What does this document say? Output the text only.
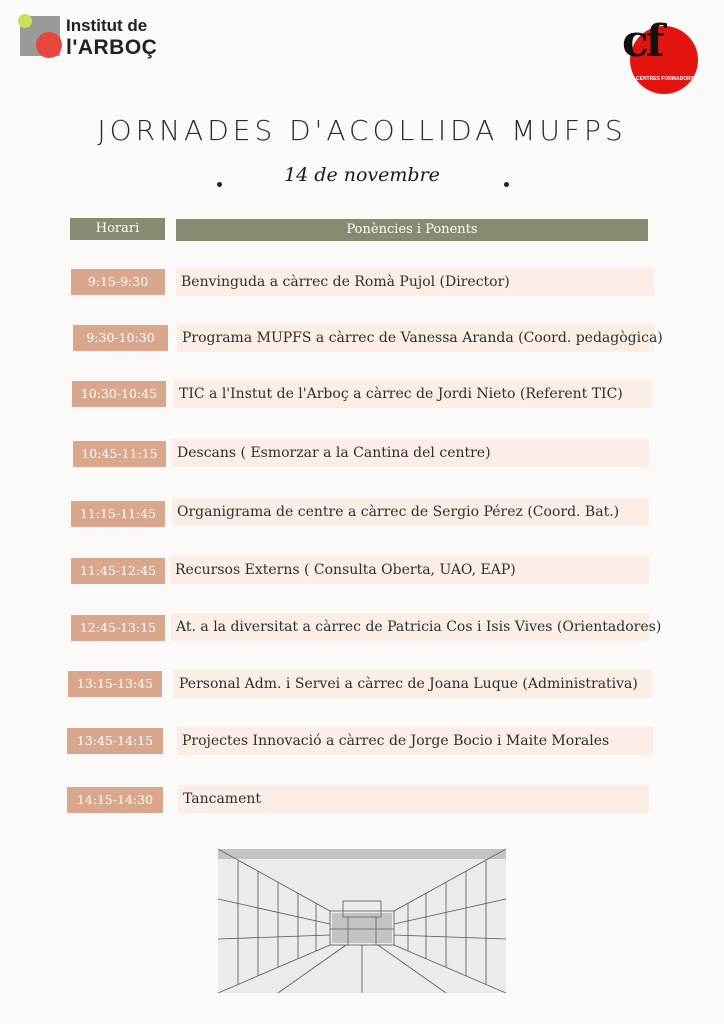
Institut de
l'ARBOÇ	cf
CENTRES FORMADORS
JORNADES D'ACOLLIDA MUFPS
14 de novembre
Horari	Ponències i Ponents
9:15-9:30	Benvinguda a càrrec de Romà Pujol (Director)
9:30-10:30	Programa MUPFS a càrrec de Vanessa Aranda (Coord. pedagògica)
10:30-10:45	TIC a l'Instut de l'Arboç a càrrec de Jordi Nieto (Referent TIC)
10:45-11:15	Descans ( Esmorzar a la Cantina del centre)
11:15-11:45	Organigrama de centre a càrrec de Sergio Pérez (Coord. Bat.)
11:45-12:45	Recursos Externs ( Consulta Oberta, UAO, EAP)
12:45-13:15	At. a la diversitat a càrrec de Patricia Cos i Isis Vives (Orientadores)
13:15-13:45	Personal Adm. i Servei a càrrec de Joana Luque (Administrativa)
13:45-14:15	Projectes Innovació a càrrec de Jorge Bocio i Maite Morales
14:15-14:30	Tancament
